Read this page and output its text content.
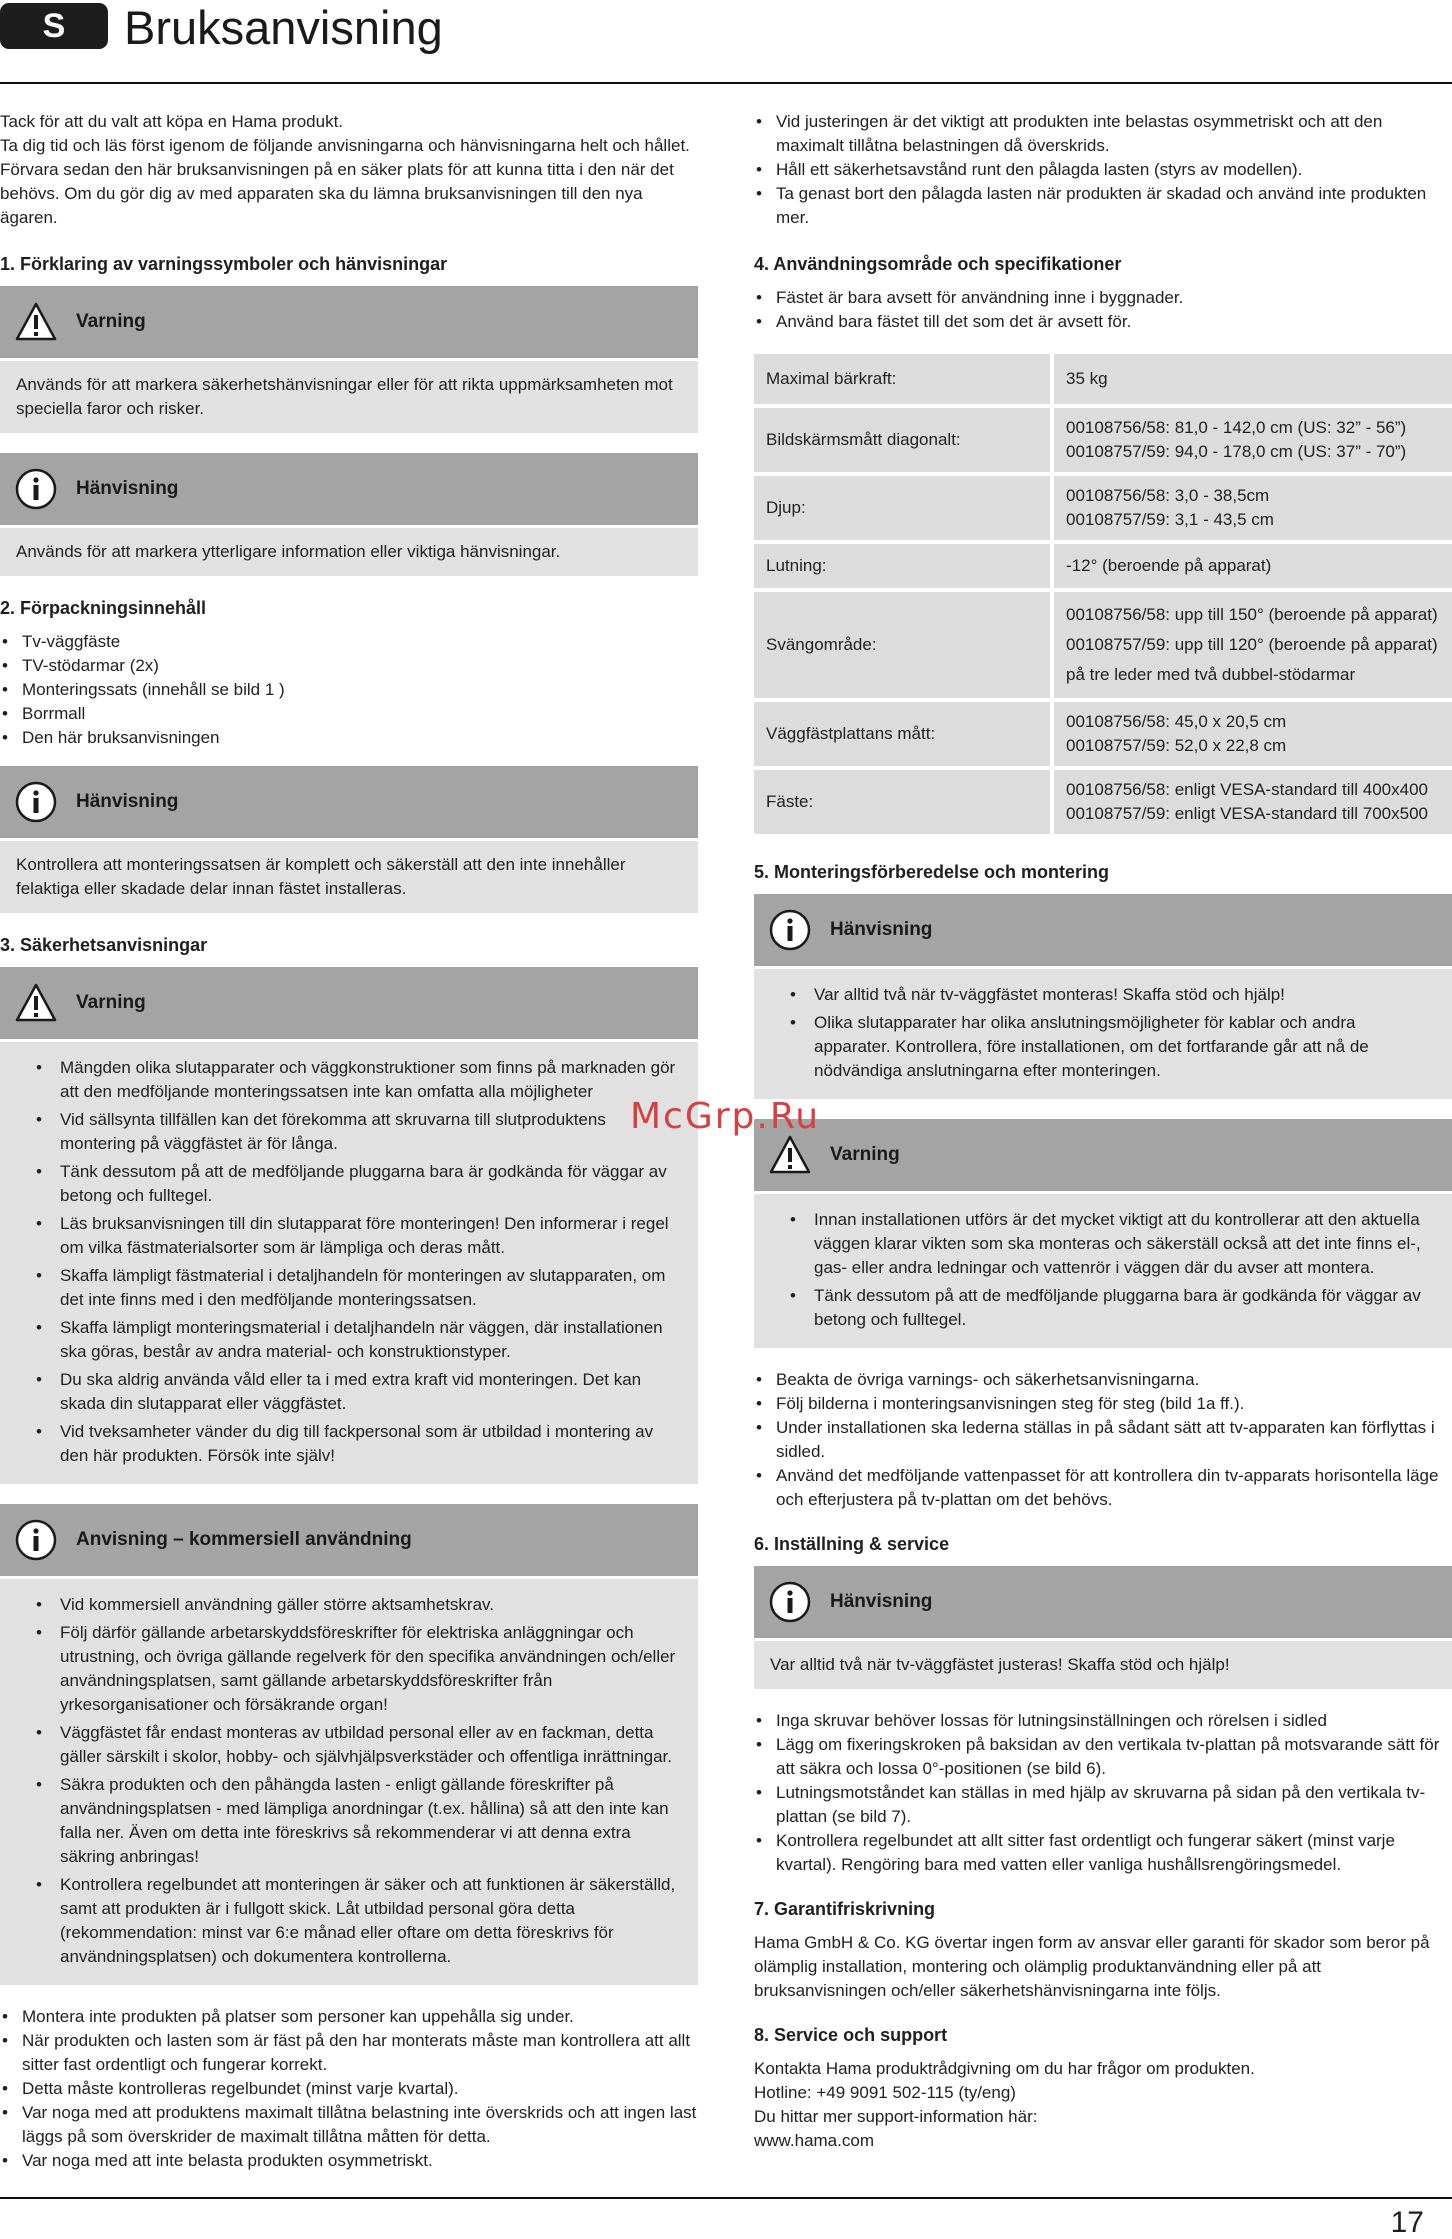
S	Bruksanvisning

Tack för att du valt att köpa en Hama produkt.

Ta dig tid och läs först igenom de följande anvisningarna och hänvisningarna helt och hållet. Förvara sedan den här bruksanvisningen på en säker plats för att kunna titta i den när det behövs. Om du gör dig av med apparaten ska du lämna bruksanvisningen till den nya ägaren.

1. Förklaring av varningssymboler och hänvisningar

Varning
Används för att markera säkerhetshänvisningar eller för att rikta uppmärksamheten mot speciella faror och risker.
Hänvisning
Används för att markera ytterligare information eller viktiga hänvisningar.

2. Förpackningsinnehåll

• Tv-väggfäste
• TV-stödarmar (2x)
• Monteringssats (innehåll se bild 1 )
• Borrmall
• Den här bruksanvisningen
Hänvisning
Kontrollera att monteringssatsen är komplett och säkerställ att den inte innehåller felaktiga eller skadade delar innan fästet installeras.

3. Säkerhetsanvisningar

Varning
• Mängden olika slutapparater och väggkonstruktioner som finns på marknaden gör att den medföljande monteringssatsen inte kan omfatta alla möjligheter
• Vid sällsynta tillfällen kan det förekomma att skruvarna till slutproduktens montering på väggfästet är för långa.
• Tänk dessutom på att de medföljande pluggarna bara är godkända för väggar av betong och fulltegel.
• Läs bruksanvisningen till din slutapparat före monteringen! Den informerar i regel om vilka fästmaterialsorter som är lämpliga och deras mått.
• Skaffa lämpligt fästmaterial i detaljhandeln för monteringen av slutapparaten, om det inte finns med i den medföljande monteringssatsen.
• Skaffa lämpligt monteringsmaterial i detaljhandeln när väggen, där installationen ska göras, består av andra material- och konstruktionstyper.
• Du ska aldrig använda våld eller ta i med extra kraft vid monteringen. Det kan skada din slutapparat eller väggfästet.
• Vid tveksamheter vänder du dig till fackpersonal som är utbildad i montering av den här produkten. Försök inte själv!
Anvisning – kommersiell användning
• Vid kommersiell användning gäller större aktsamhetskrav.
• Följ därför gällande arbetarskyddsföreskrifter för elektriska anläggningar och utrustning, och övriga gällande regelverk för den specifika användningen och/eller användningsplatsen, samt gällande arbetarskyddsföreskrifter från yrkesorganisationer och försäkrande organ!
• Väggfästet får endast monteras av utbildad personal eller av en fackman, detta gäller särskilt i skolor, hobby- och självhjälpsverkstäder och offentliga inrättningar.
• Säkra produkten och den påhängda lasten - enligt gällande föreskrifter på användningsplatsen - med lämpliga anordningar (t.ex. hållina) så att den inte kan falla ner. Även om detta inte föreskrivs så rekommenderar vi att denna extra säkring anbringas!
• Kontrollera regelbundet att monteringen är säker och att funktionen är säkerställd, samt att produkten är i fullgott skick. Låt utbildad personal göra detta (rekommendation: minst var 6:e månad eller oftare om detta föreskrivs för användningsplatsen) och dokumentera kontrollerna.
• Montera inte produkten på platser som personer kan uppehålla sig under.
• När produkten och lasten som är fäst på den har monterats måste man kontrollera att allt sitter fast ordentligt och fungerar korrekt.
• Detta måste kontrolleras regelbundet (minst varje kvartal).
• Var noga med att produktens maximalt tillåtna belastning inte överskrids och att ingen last läggs på som överskrider de maximalt tillåtna måtten för detta.
• Var noga med att inte belasta produkten osymmetriskt.
• Vid justeringen är det viktigt att produkten inte belastas osymmetriskt och att den maximalt tillåtna belastningen då överskrids.
• Håll ett säkerhetsavstånd runt den pålagda lasten (styrs av modellen).
• Ta genast bort den pålagda lasten när produkten är skadad och använd inte produkten mer.

4. Användningsområde och specifikationer

• Fästet är bara avsett för användning inne i byggnader.
• Använd bara fästet till det som det är avsett för.
Maximal bärkraft:	35 kg

Bildskärmsmått diagonalt:	00108756/58: 81,0 - 142,0 cm (US: 32” - 56”)
00108757/59: 94,0 - 178,0 cm (US: 37” - 70”)

Djup:	00108756/58: 3,0 - 38,5cm
00108757/59: 3,1 - 43,5 cm

Lutning:	-12° (beroende på apparat)

Svängområde:	00108756/58: upp till 150° (beroende på apparat)
00108757/59: upp till 120° (beroende på apparat)
på tre leder med två dubbel-stödarmar

Väggfästplattans mått:	00108756/58: 45,0 x 20,5 cm
00108757/59: 52,0 x 22,8 cm

Fäste:	00108756/58: enligt VESA-standard till 400x400
00108757/59: enligt VESA-standard till 700x500

5. Monteringsförberedelse och montering

Hänvisning
• Var alltid två när tv-väggfästet monteras! Skaffa stöd och hjälp!
• Olika slutapparater har olika anslutningsmöjligheter för kablar och andra apparater. Kontrollera, före installationen, om det fortfarande går att nå de nödvändiga anslutningarna efter monteringen.
Varning
• Innan installationen utförs är det mycket viktigt att du kontrollerar att den aktuella väggen klarar vikten som ska monteras och säkerställ också att det inte finns el-, gas- eller andra ledningar och vattenrör i väggen där du avser att montera.
• Tänk dessutom på att de medföljande pluggarna bara är godkända för väggar av betong och fulltegel.
• Beakta de övriga varnings- och säkerhetsanvisningarna.
• Följ bilderna i monteringsanvisningen steg för steg (bild 1a ff.).
• Under installationen ska lederna ställas in på sådant sätt att tv-apparaten kan förflyttas i sidled.
• Använd det medföljande vattenpasset för att kontrollera din tv-apparats horisontella läge och efterjustera på tv-plattan om det behövs.

6. Inställning & service

Hänvisning
Var alltid två när tv-väggfästet justeras! Skaffa stöd och hjälp!
• Inga skruvar behöver lossas för lutningsinställningen och rörelsen i sidled
• Lägg om fixeringskroken på baksidan av den vertikala tv-plattan på motsvarande sätt för att säkra och lossa 0°-positionen (se bild 6).
• Lutningsmotståndet kan ställas in med hjälp av skruvarna på sidan på den vertikala tv-plattan (se bild 7).
• Kontrollera regelbundet att allt sitter fast ordentligt och fungerar säkert (minst varje kvartal). Rengöring bara med vatten eller vanliga hushållsrengöringsmedel.

7. Garantifriskrivning

Hama GmbH & Co. KG övertar ingen form av ansvar eller garanti för skador som beror på olämplig installation, montering och olämplig produktanvändning eller på att bruksanvisningen och/eller säkerhetshänvisningarna inte följs.

8. Service och support

Kontakta Hama produktrådgivning om du har frågor om produkten.

Hotline: +49 9091 502-115 (ty/eng)

Du hittar mer support-information här:

www.hama.com

McGrp.Ru
17
